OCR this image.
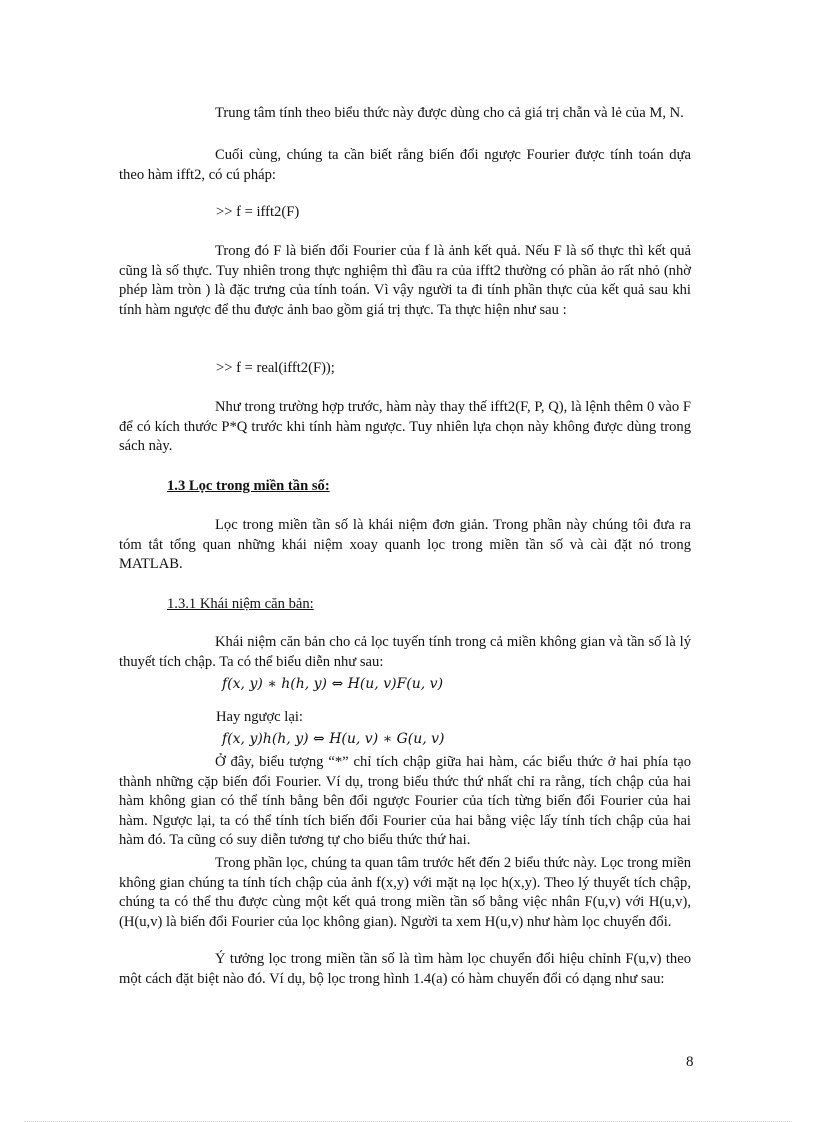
Trung tâm tính theo biểu thức này được dùng cho cả giá trị chẵn và lẻ của M, N.

Cuối cùng, chúng ta cần biết rằng biến đổi ngược Fourier được tính toán dựa theo hàm ifft2, có cú pháp:

>> f = ifft2(F)

Trong đó F là biến đổi Fourier của f là ảnh kết quả. Nếu F là số thực thì kết quả cũng là số thực. Tuy nhiên trong thực nghiệm thì đầu ra của ifft2 thường có phần ảo rất nhỏ (nhờ phép làm tròn ) là đặc trưng của tính toán. Vì vậy người ta đi tính phần thực của kết quả sau khi tính hàm ngược để thu được ảnh bao gồm giá trị thực. Ta thực hiện như sau :

>> f = real(ifft2(F));

Như trong trường hợp trước, hàm này thay thế ifft2(F, P, Q), là lệnh thêm 0 vào F để có kích thước P*Q trước khi tính hàm ngược. Tuy nhiên lựa chọn này không được dùng trong sách này.

1.3 Lọc trong miền tần số:

Lọc trong miền tần số là khái niệm đơn giản. Trong phần này chúng tôi đưa ra tóm tắt tổng quan những khái niệm xoay quanh lọc trong miền tần số và cài đặt nó trong MATLAB.

1.3.1 Khái niệm căn bản:

Khái niệm căn bản cho cả lọc tuyến tính trong cả miền không gian và tần số là lý thuyết tích chập. Ta có thể biểu diễn như sau:

f(x, y) ∗ h(h, y) ⇔ H(u, v)F(u, v)

Hay ngược lại:

f(x, y)h(h, y) ⇔ H(u, v) ∗ G(u, v)

Ở đây, biểu tượng “*” chỉ tích chập giữa hai hàm, các biểu thức ở hai phía tạo thành những cặp biến đổi Fourier. Ví dụ, trong biểu thức thứ nhất chỉ ra rằng, tích chập của hai hàm không gian có thể tính bằng bên đổi ngược Fourier của tích từng biến đổi Fourier của hai hàm. Ngược lại, ta có thể tính tích biến đổi Fourier của hai bằng việc lấy tính tích chập của hai hàm đó. Ta cũng có suy diễn tương tự cho biểu thức thứ hai.

Trong phần lọc, chúng ta quan tâm trước hết đến 2 biểu thức này. Lọc trong miền không gian chúng ta tính tích chập của ảnh f(x,y) với mặt nạ lọc h(x,y). Theo lý thuyết tích chập, chúng ta có thể thu được cùng một kết quả trong miền tần số bằng việc nhân F(u,v) với H(u,v), (H(u,v) là biến đổi Fourier của lọc không gian). Người ta xem H(u,v) như hàm lọc chuyển đổi.

Ý tưởng lọc trong miền tần số là tìm hàm lọc chuyển đổi hiệu chỉnh F(u,v) theo một cách đặt biệt nào đó. Ví dụ, bộ lọc trong hình 1.4(a) có hàm chuyển đổi có dạng như sau:

8
